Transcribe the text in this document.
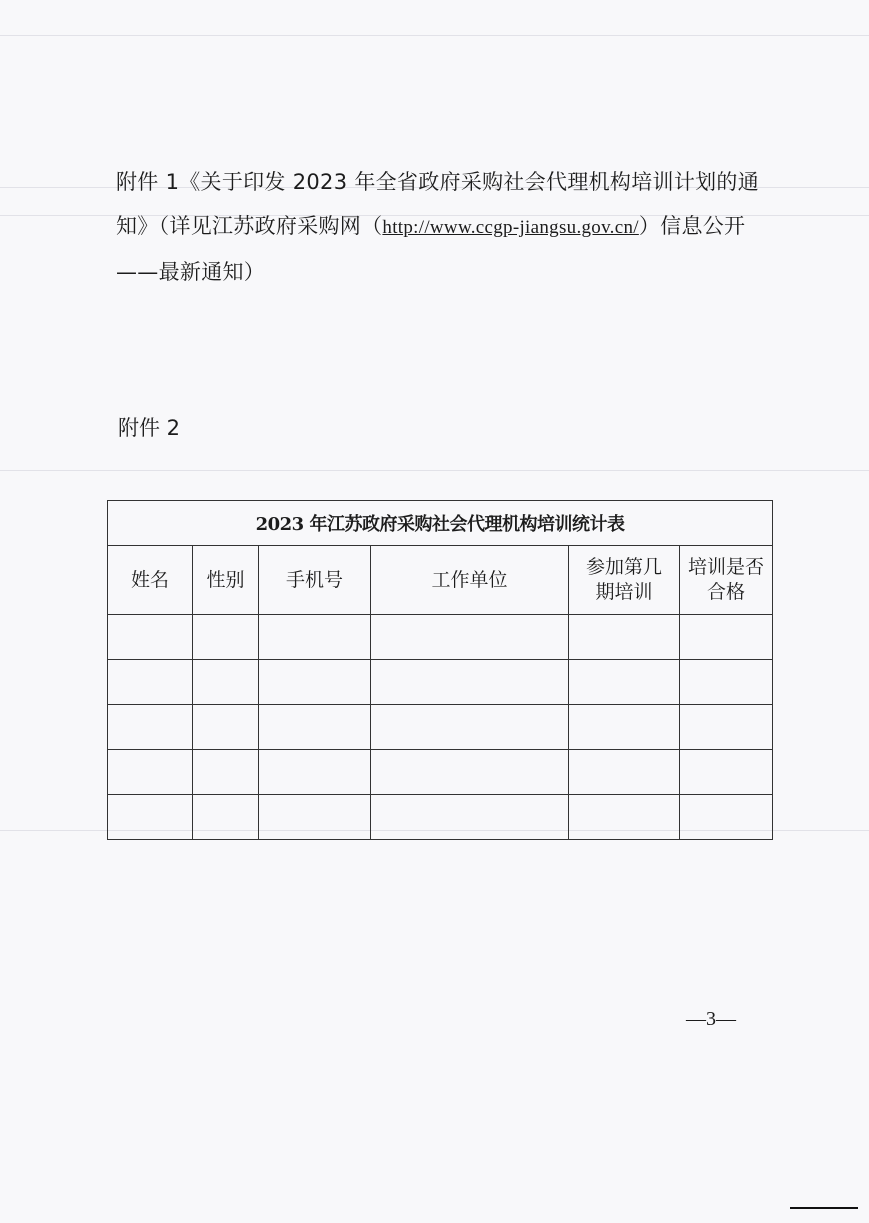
附件 1《关于印发 2023 年全省政府采购社会代理机构培训计划的通知》（详见江苏政府采购网（http://www.ccgp-jiangsu.gov.cn/）信息公开——最新通知）
附件 2
2023 年江苏政府采购社会代理机构培训统计表					
姓名	性别	手机号	工作单位	参加第几期培训	培训是否合格

—3—
